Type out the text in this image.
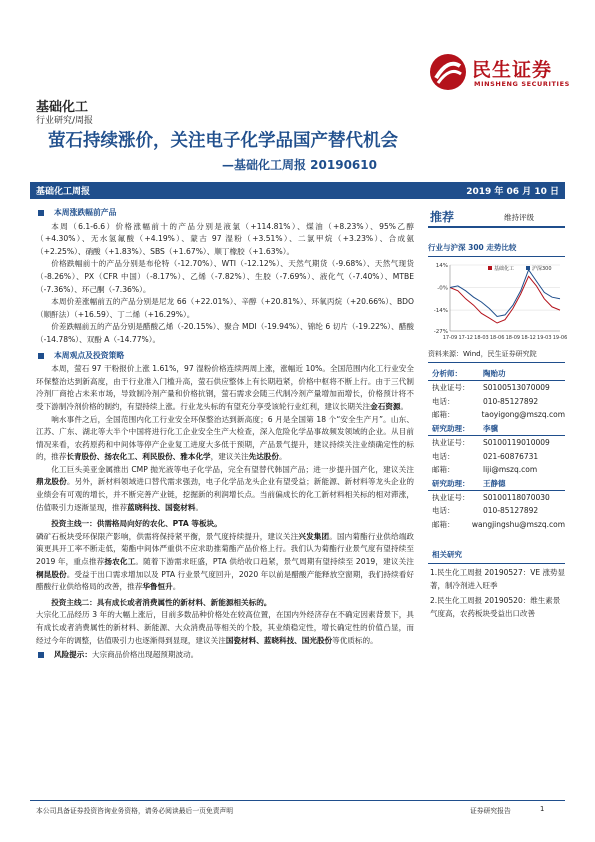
民生证券
MINSHENG SECURITIES
基础化工
行业研究/周报
萤石持续涨价，关注电子化学品国产替代机会
—基础化工周报 20190610
基础化工周报	2019 年 06 月 10 日
本周涨跌幅前产品

本周（6.1-6.6）价格涨幅前十的产品分别是液氯（+114.81%）、煤油（+8.23%）、95%乙醇（+4.30%）、无水氢氟酸（+4.19%）、蒙古 97 湿粉（+3.51%）、二氯甲烷（+3.23%）、合成氨（+2.25%）、硝酸（+1.83%）、SBS（+1.67%）、顺丁橡胶（+1.63%）。

价格跌幅前十的产品分别是布伦特（-12.70%）、WTI（-12.12%）、天然气期货（-9.68%）、天然气现货（-8.26%）、PX（CFR 中国）（-8.17%）、乙烯（-7.82%）、生胶（-7.69%）、液化气（-7.40%）、MTBE（-7.36%）、环己酮（-7.36%）。

本周价差涨幅前五的产品分别是尼龙 66（+22.01%）、辛醇（+20.81%）、环氧丙烷（+20.66%）、BDO（顺酐法）（+16.59）、丁二烯（+16.29%）。

价差跌幅前五的产品分别是醋酸乙烯（-20.15%）、聚合 MDI（-19.94%）、锦纶 6 切片（-19.22%）、醋酸（-14.78%）、双酚 A（-14.77%）。

本周观点及投资策略

本周，萤石 97 干粉报价上涨 1.61%，97 湿粉价格连续两周上涨，涨幅近 10%。全国范围内化工行业安全环保整治达到新高度，由于行业准入门槛升高，萤石供应整体上有长期趋紧，价格中枢将不断上行。由于三代制冷剂厂商抢占未来市场，导致制冷剂产量和价格抗钢，萤石需求会随三代制冷剂产量增加而增长，价格预计将不受下游制冷剂价格的制约，有望持续上涨。行业龙头标的有望充分享受该轮行业红利，建议长期关注金石资源。

响水事件之后，全国范围内化工行业安全环保整治达到新高度；6 月是全国第 18 个“安全生产月”。山东、江苏、广东、湖北等大半个中国将进行化工企业安全生产大检查，深入危险化学品事故频发领域的企业。从目前情况来看，农药原药和中间体等停产企业复工进度大多低于预期，产品景气提升，建议持续关注业绩确定性的标的，推荐长青股份、扬农化工、利民股份、雅本化学，建议关注先达股份。

化工巨头美亚金属推出 CMP 抛光液等电子化学品，完全有望替代韩国产品；进一步提升国产化，建议关注鼎龙股份。另外，新材料领域进口替代需求强劲，电子化学品龙头企业有望受益；新能源、新材料等龙头企业的业绩会有可观的增长，并不断完善产业链，挖掘新的利润增长点。当前偏成长的化工新材料相关标的相对滞涨，估值吸引力逐渐显现，推荐蓝晓科技、国瓷材料。

投资主线一：供需格局向好的农化、PTA 等板块。

磷矿石板块受环保限产影响，供需将保持紧平衡，景气度持续提升，建议关注兴发集团。国内菊酯行业供给端政策更具开工率不断走低，菊酯中间体严重供不应求助推菊酯产品价格上行。我们认为菊酯行业景气度有望持续至 2019 年，重点推荐扬农化工。随着下游需求旺盛，PTA 供给收口趋紧，景气周期有望持续至 2019，建议关注桐昆股份。受益于出口需求增加以及 PTA 行业景气度回升，2020 年以前是醋酸产能释放空窗期，我们持续看好醋酸行业供给格局的改善，推荐华鲁恒升。

投资主线二：具有成长或者消费属性的新材料、新能源相关标的。

大宗化工品经历 3 年的大幅上涨后，目前多数品种价格处在较高位置，在国内外经济存在不确定因素背景下，具有成长或者消费属性的新材料、新能源、大众消费品等相关的个股，其业绩稳定性，增长确定性的价值凸显，而经过今年的调整，估值吸引力也逐渐得到显现，建议关注国瓷材料、蓝晓科技、国光股份等优质标的。

风险提示： 大宗商品价格出现超预期波动。
推荐	维持评级
行业与沪深 300 走势比较
14%
-0%
-14%
-27%
17-09 17-12 18-03 18-06 18-09 18-12 19-03 19-06
基础化工	沪深300
资料来源：Wind，民生证券研究院
分析师：	陶贻功
执业证号：	S0100513070009
电话：	010-85127892
邮箱：	taoyigong@mszq.com
研究助理：	李骥
执业证号：	S0100119010009
电话：	021-60876731
邮箱：	liji@mszq.com
研究助理：	王静德
执业证号：	S0100118070030
电话：	010-85127892
邮箱：	wangjingshu@mszq.com
相关研究
1.民生化工周报 20190527：VE 涨势显著，制冷剂进入旺季
2.民生化工周报 20190520：维生素景气度高，农药板块受益出口改善
本公司具备证券投资咨询业务资格，请务必阅读最后一页免责声明	证券研究报告	1
